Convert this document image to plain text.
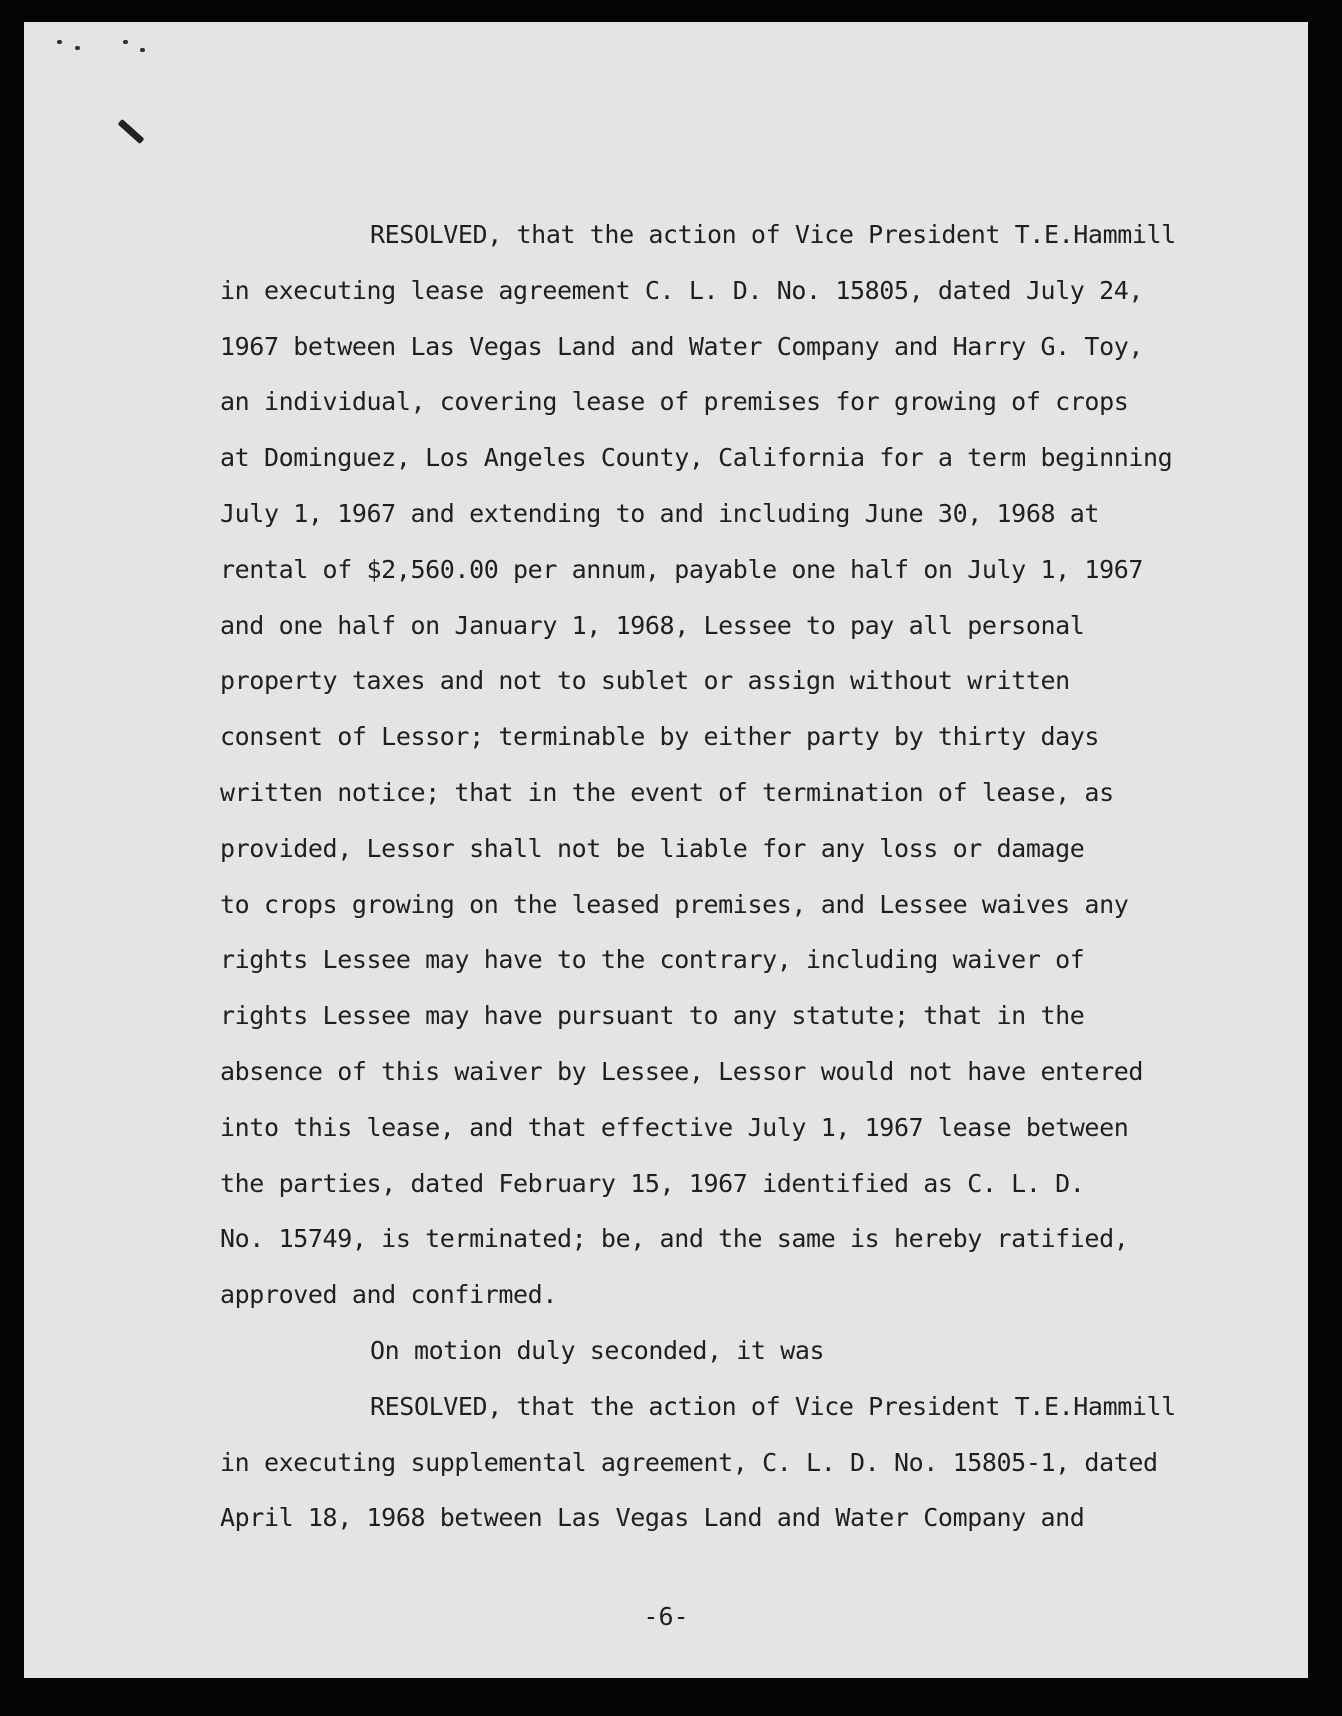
RESOLVED, that the action of Vice President T.E.Hammill
in executing lease agreement C. L. D. No. 15805, dated July 24,
1967 between Las Vegas Land and Water Company and Harry G. Toy,
an individual, covering lease of premises for growing of crops
at Dominguez, Los Angeles County, California for a term beginning
July 1, 1967 and extending to and including June 30, 1968 at
rental of $2,560.00 per annum, payable one half on July 1, 1967
and one half on January 1, 1968, Lessee to pay all personal
property taxes and not to sublet or assign without written
consent of Lessor; terminable by either party by thirty days
written notice; that in the event of termination of lease, as
provided, Lessor shall not be liable for any loss or damage
to crops growing on the leased premises, and Lessee waives any
rights Lessee may have to the contrary, including waiver of
rights Lessee may have pursuant to any statute; that in the
absence of this waiver by Lessee, Lessor would not have entered
into this lease, and that effective July 1, 1967 lease between
the parties, dated February 15, 1967 identified as C. L. D.
No. 15749, is terminated; be, and the same is hereby ratified,
approved and confirmed.
On motion duly seconded, it was
RESOLVED, that the action of Vice President T.E.Hammill
in executing supplemental agreement, C. L. D. No. 15805-1, dated
April 18, 1968 between Las Vegas Land and Water Company and
-6-
